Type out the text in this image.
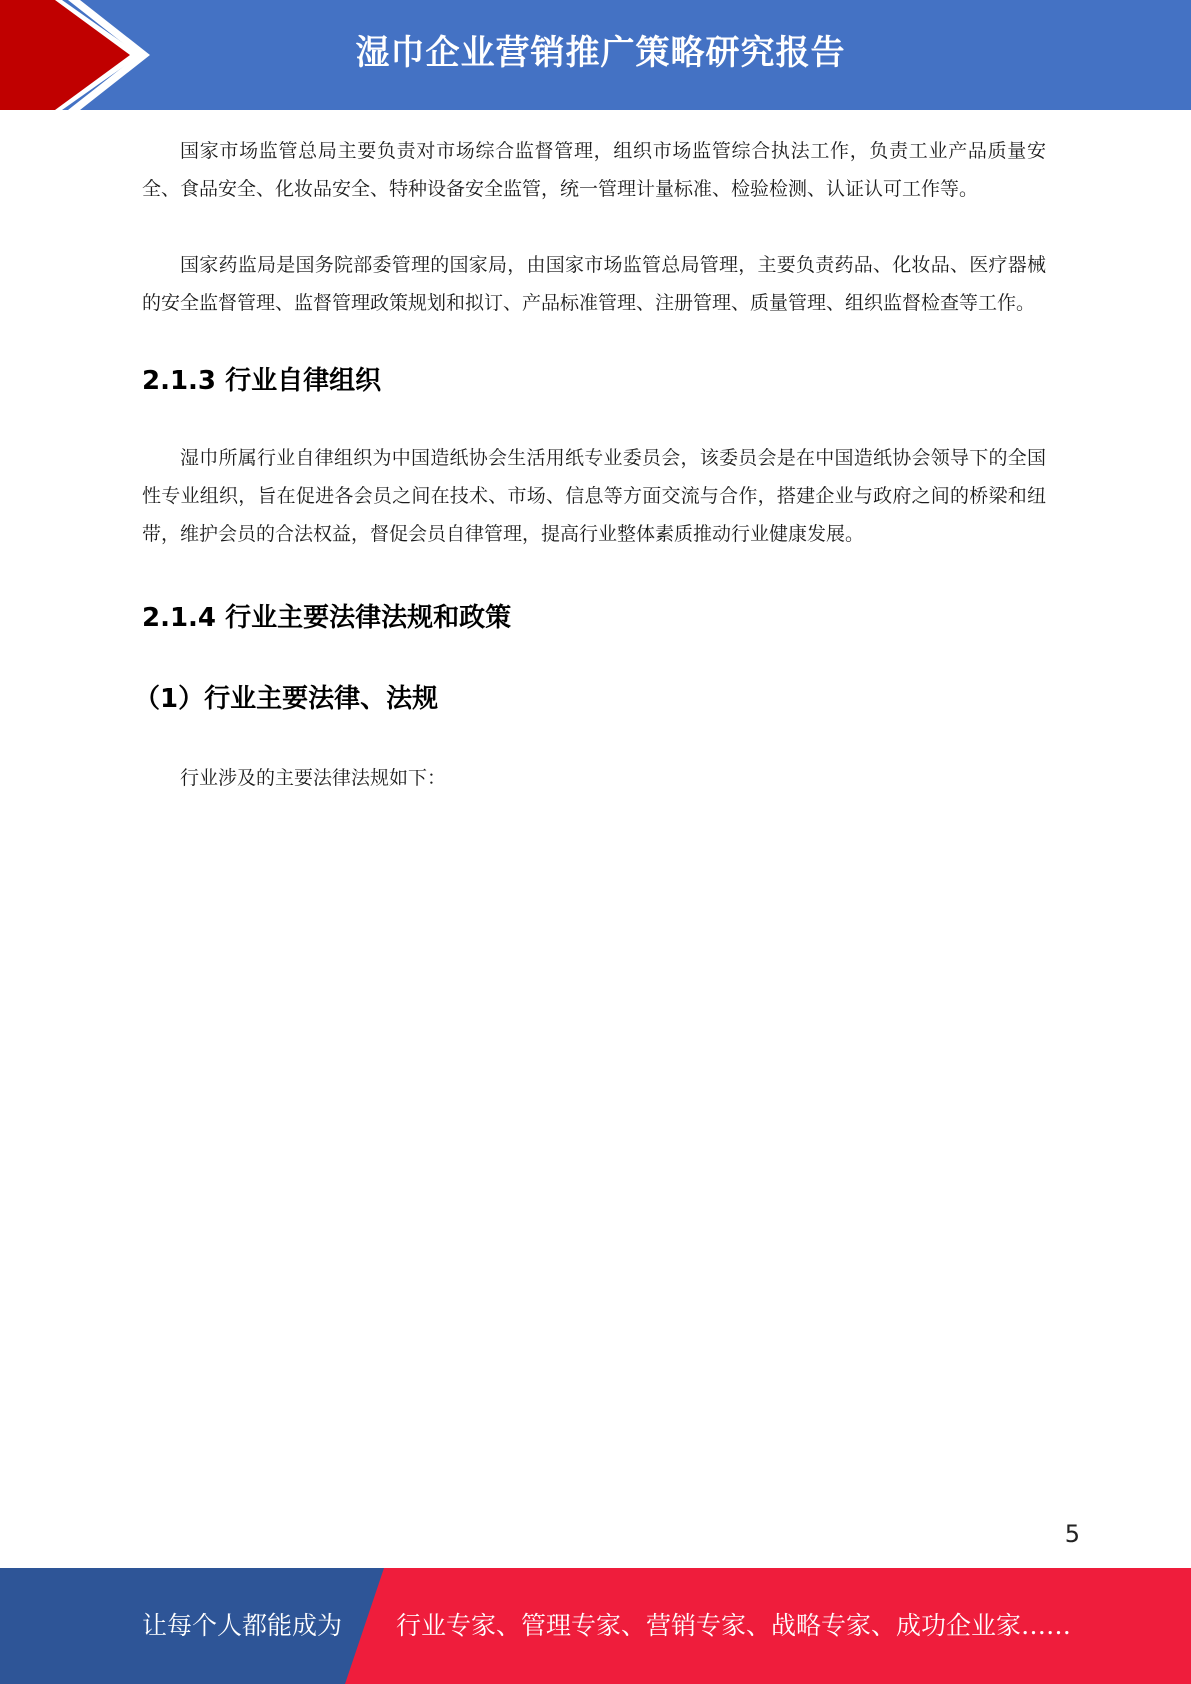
湿巾企业营销推广策略研究报告

国家市场监管总局主要负责对市场综合监督管理，组织市场监管综合执法工作，负责工业产品质量安全、食品安全、化妆品安全、特种设备安全监管，统一管理计量标准、检验检测、认证认可工作等。

国家药监局是国务院部委管理的国家局，由国家市场监管总局管理，主要负责药品、化妆品、医疗器械的安全监督管理、监督管理政策规划和拟订、产品标准管理、注册管理、质量管理、组织监督检查等工作。

2.1.3 行业自律组织

湿巾所属行业自律组织为中国造纸协会生活用纸专业委员会，该委员会是在中国造纸协会领导下的全国性专业组织，旨在促进各会员之间在技术、市场、信息等方面交流与合作，搭建企业与政府之间的桥梁和纽带，维护会员的合法权益，督促会员自律管理，提高行业整体素质推动行业健康发展。

2.1.4 行业主要法律法规和政策
（1）行业主要法律、法规

行业涉及的主要法律法规如下：

5
让每个人都能成为 行业专家、管理专家、营销专家、战略专家、成功企业家……
